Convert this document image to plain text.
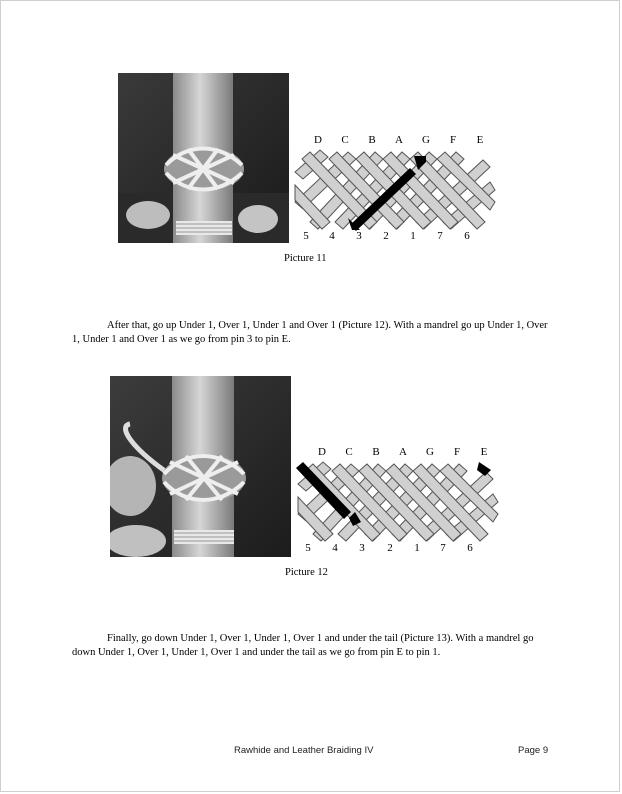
D C B A G F E
5 4 3 2 1 7 6
Picture 11

After that, go up Under 1, Over 1, Under 1 and Over 1 (Picture 12). With a mandrel go up Under 1, Over 1, Under 1 and Over 1 as we go from pin 3 to pin E.

D C B A G F E
5 4 3 2 1 7 6
Picture 12

Finally, go down Under 1, Over 1, Under 1, Over 1 and under the tail (Picture 13). With a mandrel go down Under 1, Over 1, Under 1, Over 1 and under the tail as we go from pin E to pin 1.

Rawhide and Leather Braiding IV	Page 9
